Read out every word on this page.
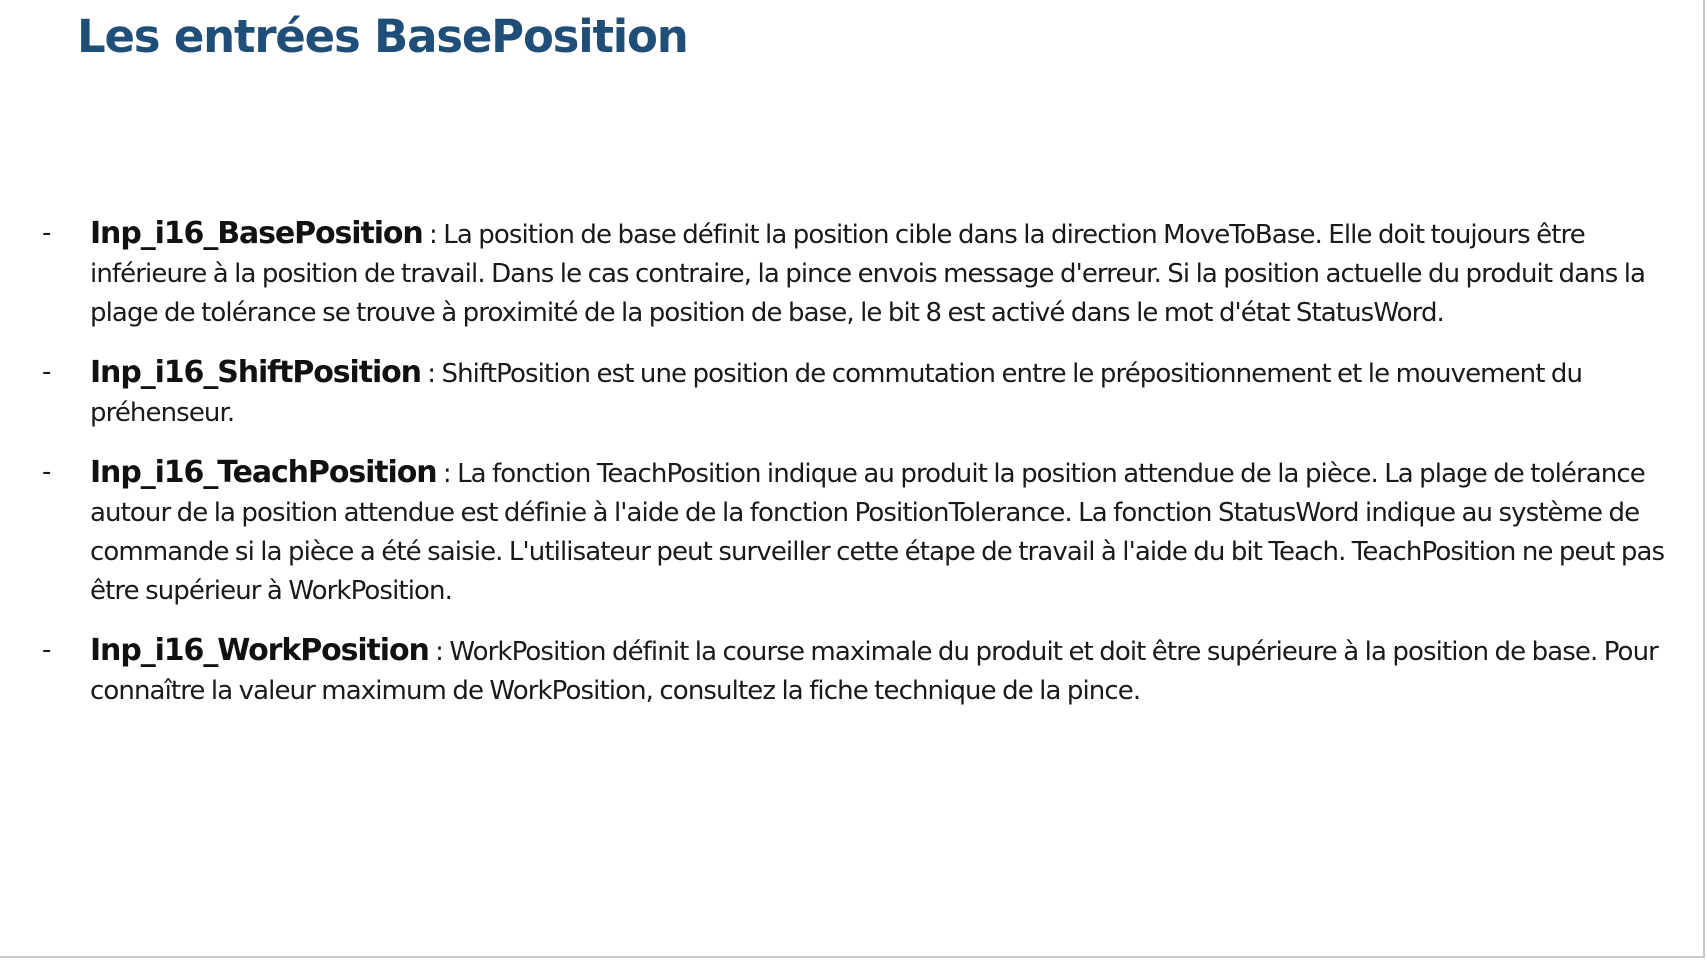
Les entrées BasePosition
- Inp_i16_BasePosition : La position de base définit la position cible dans la direction MoveToBase. Elle doit toujours être inférieure à la position de travail. Dans le cas contraire, la pince envois message d'erreur. Si la position actuelle du produit dans la plage de tolérance se trouve à proximité de la position de base, le bit 8 est activé dans le mot d'état StatusWord.
- Inp_i16_ShiftPosition : ShiftPosition est une position de commutation entre le prépositionnement et le mouvement du préhenseur.
- Inp_i16_TeachPosition : La fonction TeachPosition indique au produit la position attendue de la pièce. La plage de tolérance autour de la position attendue est définie à l'aide de la fonction PositionTolerance. La fonction StatusWord indique au système de commande si la pièce a été saisie. L'utilisateur peut surveiller cette étape de travail à l'aide du bit Teach. TeachPosition ne peut pas être supérieur à WorkPosition.
- Inp_i16_WorkPosition : WorkPosition définit la course maximale du produit et doit être supérieure à la position de base. Pour connaître la valeur maximum de WorkPosition, consultez la fiche technique de la pince.
